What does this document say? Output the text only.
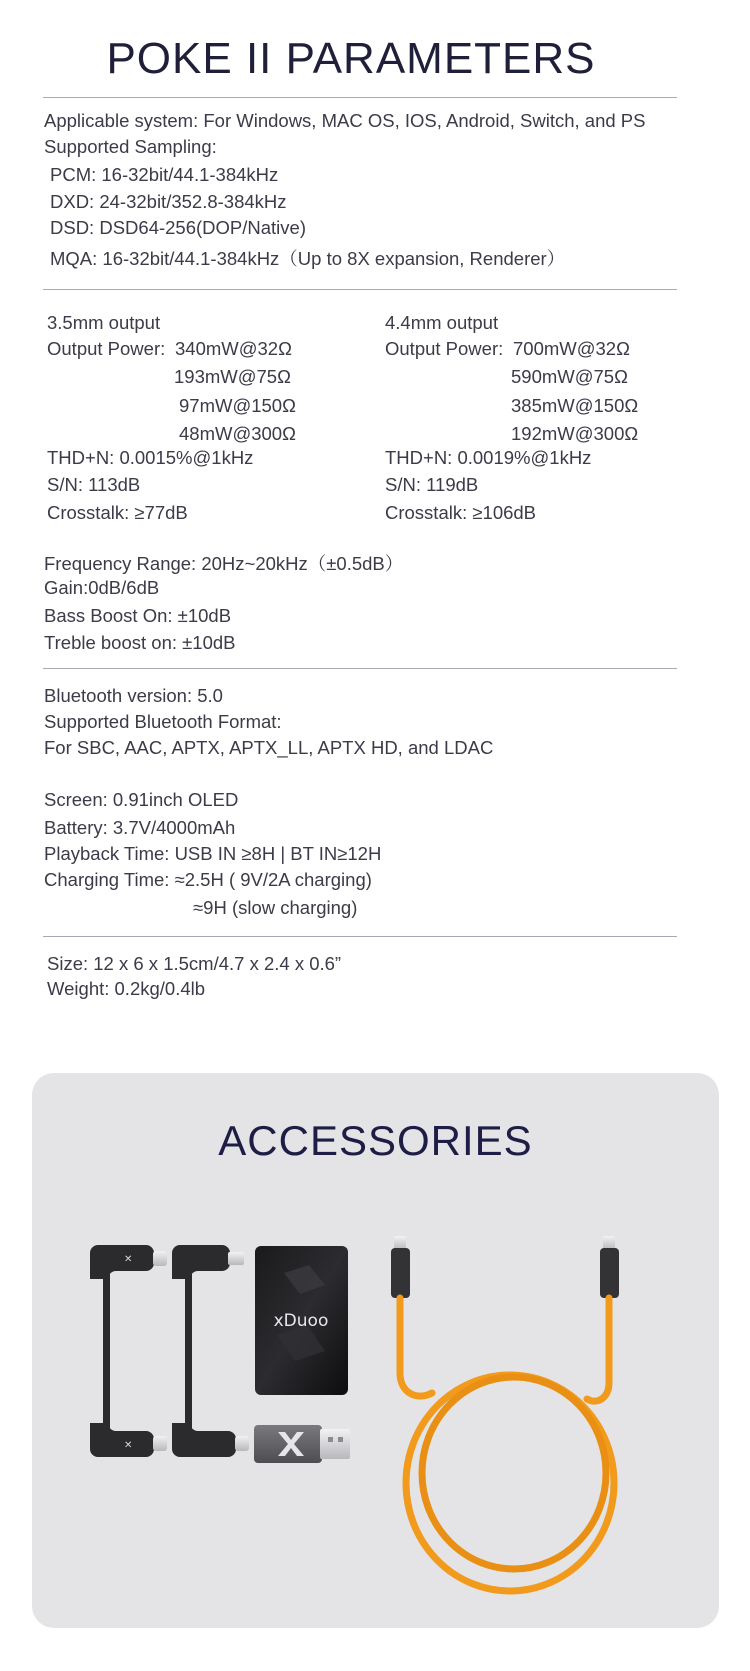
POKE II PARAMETERS
Applicable system: For Windows, MAC OS, IOS, Android, Switch, and PS
Supported Sampling:
PCM: 16-32bit/44.1-384kHz
DXD: 24-32bit/352.8-384kHz
DSD: DSD64-256(DOP/Native)
MQA: 16-32bit/44.1-384kHz（Up to 8X expansion, Renderer）
3.5mm output
Output Power: 340mW@32Ω
193mW@75Ω
97mW@150Ω
48mW@300Ω
THD+N: 0.0015%@1kHz
S/N: 113dB
Crosstalk: ≥77dB
4.4mm output
Output Power: 700mW@32Ω
590mW@75Ω
385mW@150Ω
192mW@300Ω
THD+N: 0.0019%@1kHz
S/N: 119dB
Crosstalk: ≥106dB
Frequency Range: 20Hz~20kHz（±0.5dB）
Gain:0dB/6dB
Bass Boost On: ±10dB
Treble boost on: ±10dB
Bluetooth version: 5.0
Supported Bluetooth Format:
For SBC, AAC, APTX, APTX_LL, APTX HD, and LDAC
Screen: 0.91inch OLED
Battery: 3.7V/4000mAh
Playback Time: USB IN ≥8H | BT IN≥12H
Charging Time: ≈2.5H ( 9V/2A charging)
≈9H (slow charging)
Size: 12 x 6 x 1.5cm/4.7 x 2.4 x 0.6”
Weight: 0.2kg/0.4lb
ACCESSORIES
✕
✕
xDuoo
